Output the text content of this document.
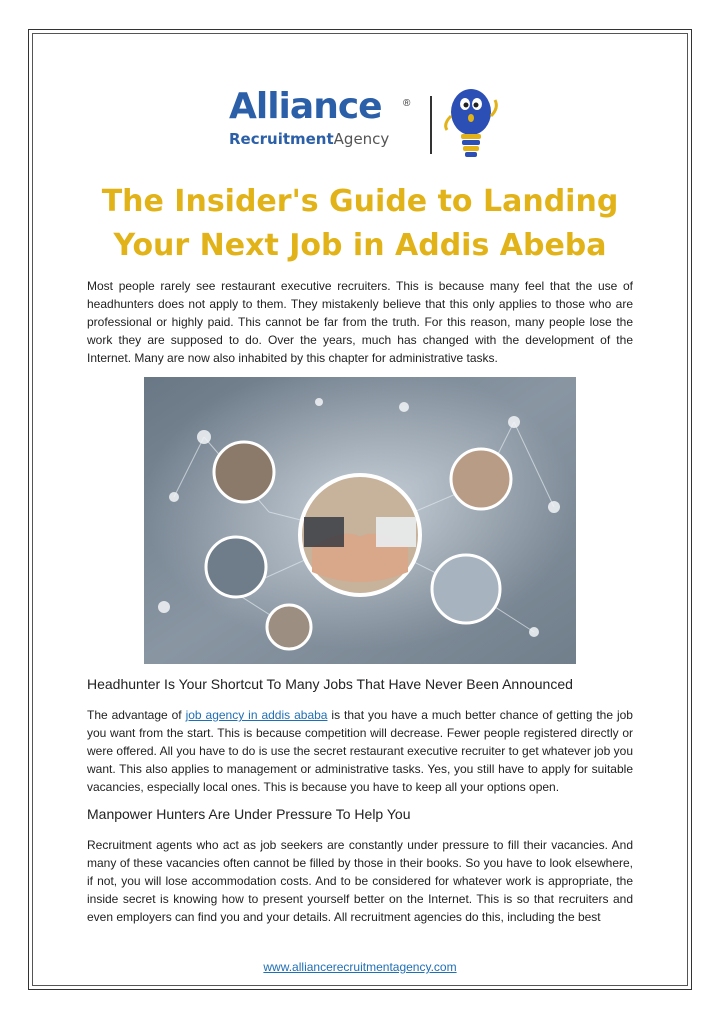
Alliance ®
RecruitmentAgency
The Insider's Guide to Landing
Your Next Job in Addis Abeba
Most people rarely see restaurant executive recruiters. This is because many feel that the use of headhunters does not apply to them. They mistakenly believe that this only applies to those who are professional or highly paid. This cannot be far from the truth. For this reason, many people lose the work they are supposed to do. Over the years, much has changed with the development of the Internet. Many are now also inhabited by this chapter for administrative tasks.
Headhunter Is Your Shortcut To Many Jobs That Have Never Been Announced
The advantage of job agency in addis ababa is that you have a much better chance of getting the job you want from the start. This is because competition will decrease. Fewer people registered directly or were offered. All you have to do is use the secret restaurant executive recruiter to get whatever job you want. This also applies to management or administrative tasks. Yes, you still have to apply for suitable vacancies, especially local ones. This is because you have to keep all your options open.
Manpower Hunters Are Under Pressure To Help You
Recruitment agents who act as job seekers are constantly under pressure to fill their vacancies. And many of these vacancies often cannot be filled by those in their books. So you have to look elsewhere, if not, you will lose accommodation costs. And to be considered for whatever work is appropriate, the inside secret is knowing how to present yourself better on the Internet. This is so that recruiters and even employers can find you and your details. All recruitment agencies do this, including the best
www.alliancerecruitmentagency.com
